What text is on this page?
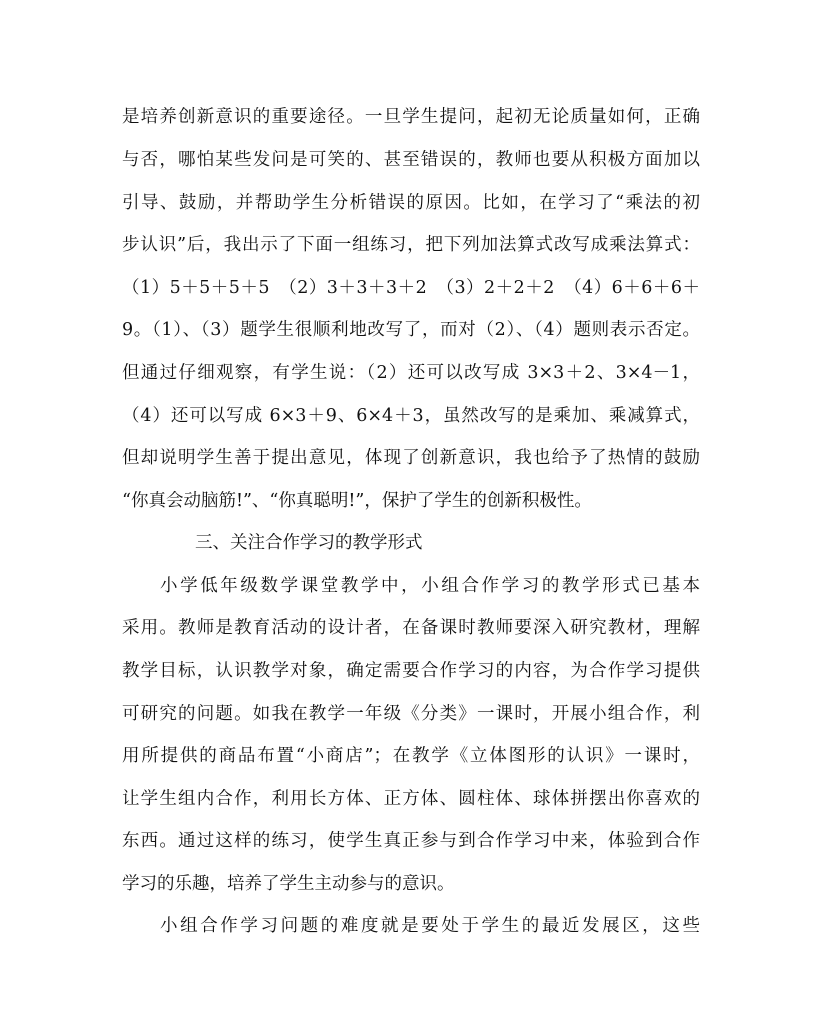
是培养创新意识的重要途径。一旦学生提问，起初无论质量如何，正确
与否，哪怕某些发问是可笑的、甚至错误的，教师也要从积极方面加以
引导、鼓励，并帮助学生分析错误的原因。比如，在学习了“乘法的初
步认识”后，我出示了下面一组练习，把下列加法算式改写成乘法算式：
（1）5＋5＋5＋5　（2）3＋3＋3＋2　（3）2＋2＋2　（4）6＋6＋6＋
9。（1）、（3）题学生很顺利地改写了，而对（2）、（4）题则表示否定。
但通过仔细观察，有学生说：（2）还可以改写成 3×3＋2、3×4－1，
（4）还可以写成 6×3＋9、6×4＋3，虽然改写的是乘加、乘减算式，
但却说明学生善于提出意见，体现了创新意识，我也给予了热情的鼓励
“你真会动脑筋!”、“你真聪明!”，保护了学生的创新积极性。
三、关注合作学习的教学形式
小学低年级数学课堂教学中，小组合作学习的教学形式已基本
采用。教师是教育活动的设计者，在备课时教师要深入研究教材，理解
教学目标，认识教学对象，确定需要合作学习的内容，为合作学习提供
可研究的问题。如我在教学一年级《分类》一课时，开展小组合作，利
用所提供的商品布置“小商店”；在教学《立体图形的认识》一课时，
让学生组内合作，利用长方体、正方体、圆柱体、球体拼摆出你喜欢的
东西。通过这样的练习，使学生真正参与到合作学习中来，体验到合作
学习的乐趣，培养了学生主动参与的意识。
小组合作学习问题的难度就是要处于学生的最近发展区，这些
